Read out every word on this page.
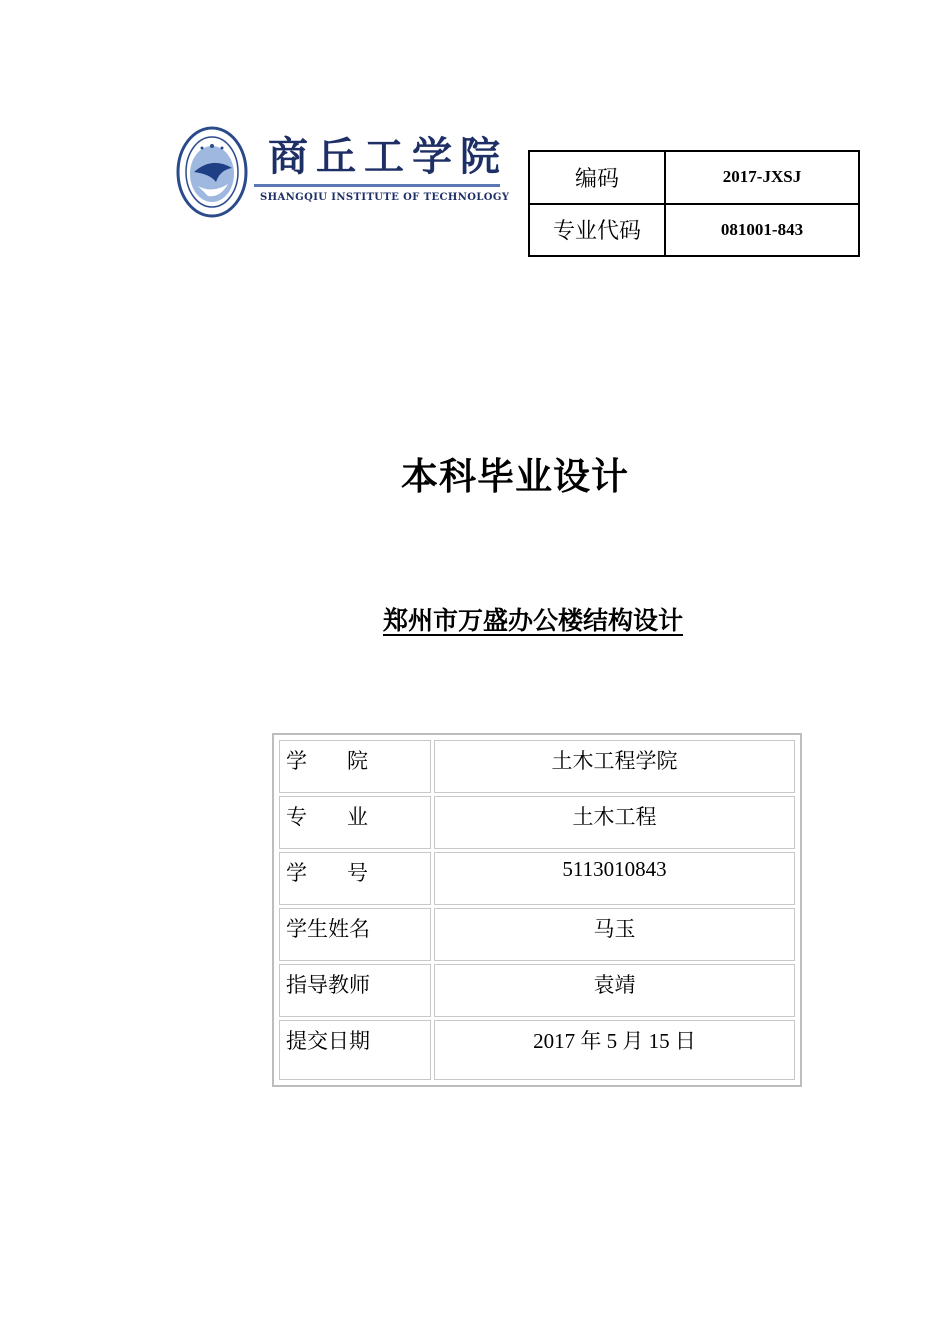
商丘工学院
SHANGQIU INSTITUTE OF TECHNOLOGY
编码	2017-JXSJ
专业代码	081001-843
本科毕业设计
郑州市万盛办公楼结构设计
学      院	土木工程学院
专      业	土木工程
学      号	5113010843
学生姓名	马玉
指导教师	袁靖
提交日期	2017 年 5 月 15 日
